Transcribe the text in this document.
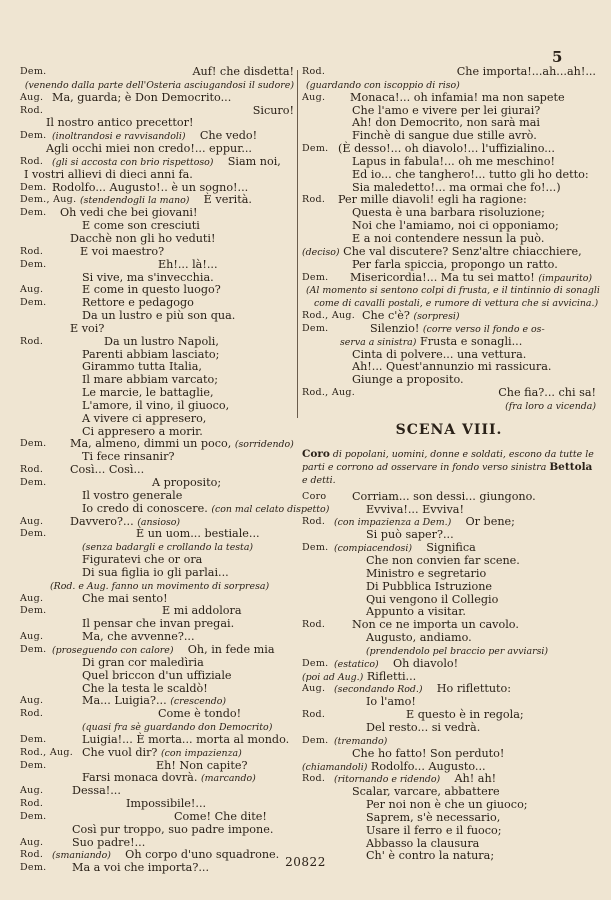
5
Dem.	Auf! che disdetta!
(venendo dalla parte dell'Osteria asciugandosi il sudore)
Aug. Ma, guarda; è Don Democrito...
Rod.	Sicuro!
Il nostro antico precettor!
Dem. (inoltrandosi e ravvisandoli) Che vedo!
Agli occhi miei non credo!... eppur...
Rod. (gli si accosta con brio rispettoso) Siam noi,
I vostri allievi di dieci anni fa.
Dem. Rodolfo... Augusto!.. è un sogno!...
Dem., Aug. (stendendogli la mano) È verità.
Dem. Oh vedi che bei giovani!
E come son cresciuti
Dacchè non gli ho veduti!
Rod.	E voi maestro?
Dem.	Eh!... là!...
Si vive, ma s'invecchia.
Aug.	E come in questo luogo?
Dem.	Rettore e pedagogo
Da un lustro e più son qua.
E voi?
Rod.	Da un lustro Napoli,
Parenti abbiam lasciato;
Girammo tutta Italia,
Il mare abbiam varcato;
Le marcie, le battaglie,
L'amore, il vino, il giuoco,
A vivere ci appresero,
Ci appresero a morir.
Dem. Ma, almeno, dimmi un poco, (sorridendo)
Ti fece rinsanir?
Rod. Così... Così...
Dem.	A proposito;
Il vostro generale
Io credo di conoscere. (con mal celato dispetto)
Aug. Davvero?... (ansioso)
Dem.	È un uom... bestiale...
(senza badargli e crollando la testa)
Figuratevi che or ora
Di sua figlia io gli parlai...
(Rod. e Aug. fanno un movimento di sorpresa)
Aug.	Che mai sento!
Dem.	E mi addolora
Il pensar che invan pregai.
Aug.	Ma, che avvenne?...
Dem. (proseguendo con calore) Oh, in fede mia
Di gran cor maledìria
Quel briccon d'un uffiziale
Che la testa le scaldò!
Aug.	Ma... Luigia?... (crescendo)
Rod.	Come è tondo!
(quasi fra sè guardando don Democrito)
Dem.	Luigia!... È morta... morta al mondo.
Rod., Aug. Che vuol dir? (con impazienza)
Dem.	Eh! Non capite?
Farsi monaca dovrà. (marcando)
Aug.	Dessa!...
Rod.	Impossibile!...
Dem.	Come! Che dite!
Così pur troppo, suo padre impone.
Aug.	Suo padre!...
Rod. (smaniando) Oh corpo d'uno squadrone.
Dem. Ma a voi che importa?...
Rod.	Che importa!...ah...ah!...
(guardando con iscoppio di riso)
Aug. Monaca!... oh infamia! ma non sapete
Che l'amo e vivere per lei giurai?
Ah! don Democrito, non sarà mai
Finchè di sangue due stille avrò.
Dem. (È desso!... oh diavolo!... l'uffizialino...
Lapus in fabula!... oh me meschino!
Ed io... che tanghero!... tutto gli ho detto:
Sia maledetto!... ma ormai che fo!...)
Rod. Per mille diavoli! egli ha ragione:
Questa è una barbara risoluzione;
Noi che l'amiamo, noi ci opponiamo;
E a noi contendere nessun la può.
(deciso) Che val discutere? Senz'altre chiacchiere,
Per farla spiccia, propongo un ratto.
Dem. Misericordia!... Ma tu sei matto! (impaurito)
(Al momento si sentono colpi di frusta, e il tintinnio di sonagli
come di cavalli postali, e rumore di vettura che si avvicina.)
Rod., Aug. Che c'è? (sorpresi)
Dem.	Silenzio! (corre verso il fondo e os-
serva a sinistra) Frusta e sonagli...
Cinta di polvere... una vettura.
Ah!... Quest'annunzio mi rassicura.
Giunge a proposito.
Rod., Aug.	Che fia?... chi sa!
(fra loro a vicenda)
SCENA VIII.
Coro di popolani, uomini, donne e soldati, escono da tutte le parti e corrono ad osservare in fondo verso sinistra Bettola e detti.
Coro Corriam... son dessi... giungono.
Evviva!... Evviva!
Rod. (con impazienza a Dem.) Or bene;
Si può saper?...
Dem. (compiacendosi) Significa
Che non convien far scene.
Ministro e segretario
Di Pubblica Istruzione
Qui vengono il Collegio
Appunto a visitar.
Rod. Non ce ne importa un cavolo.
Augusto, andiamo.
(prendendolo pel braccio per avviarsi)
Dem. (estatico) Oh diavolo!
(poi ad Aug.) Rifletti...
Aug. (secondando Rod.) Ho riflettuto:
Io l'amo!
Rod.	E questo è in regola;
Del resto... si vedrà.
Dem. (tremando)
Che ho fatto! Son perduto!
(chiamandoli) Rodolfo... Augusto...
Rod. (ritornando e ridendo) Ah! ah!
Scalar, varcare, abbattere
Per noi non è che un giuoco;
Saprem, s'è necessario,
Usare il ferro e il fuoco;
Abbasso la clausura
Ch' è contro la natura;
20822
